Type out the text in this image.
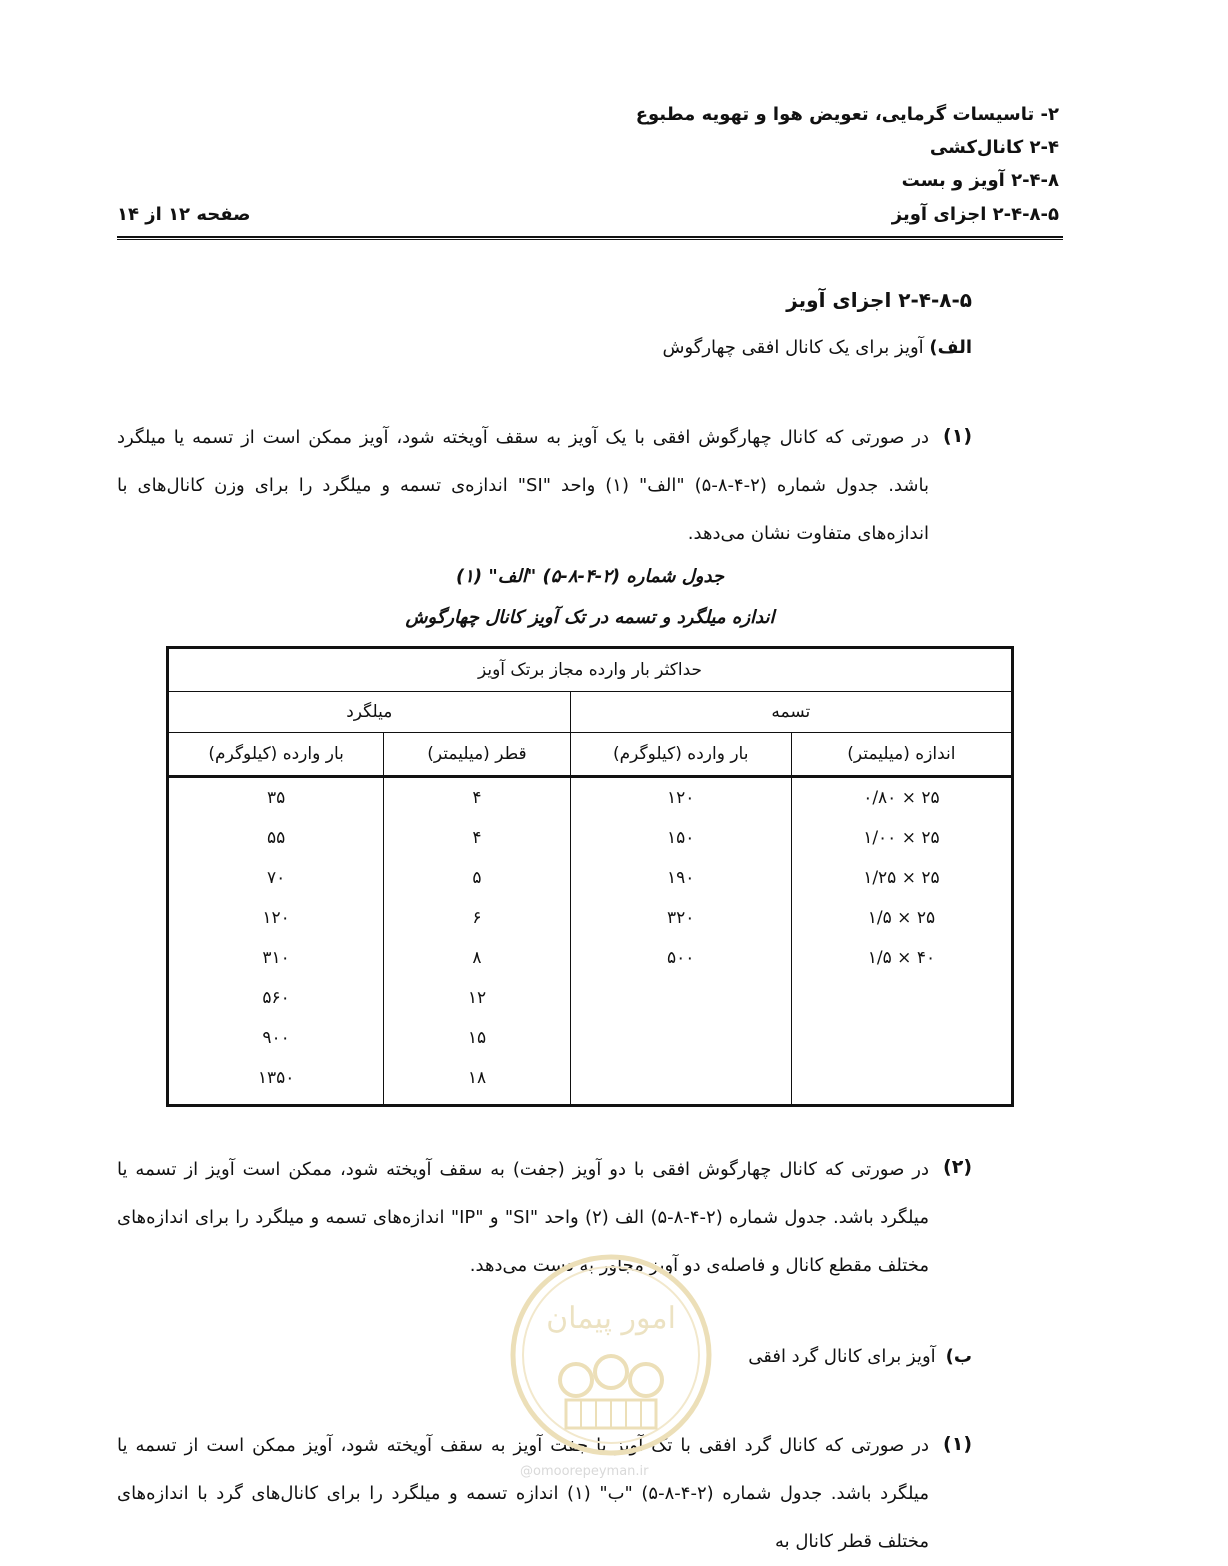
۲- تاسیسات گرمایی، تعویض هوا و تهویه مطبوع
۲-۴ کانال‌کشی
۲-۴-۸ آویز و بست
۲-۴-۸-۵ اجزای آویز
صفحه ۱۲ از ۱۴
۲-۴-۸-۵ اجزای آویز
الف) آویز برای یک کانال افقی چهارگوش
(۱)
در صورتی که کانال چهارگوش افقی با یک آویز به سقف آویخته شود، آویز ممکن است از تسمه یا میلگرد باشد. جدول شماره (۲-۴-۸-۵) "الف" (۱) واحد "SI" اندازه‌ی تسمه و میلگرد را برای وزن کانال‌های با اندازه‌های متفاوت نشان می‌دهد.
جدول شماره (۲-۴-۸-۵) "الف" (۱)
اندازه میلگرد و تسمه در تک آویز کانال چهارگوش
حداکثر بار وارده مجاز برتک آویز			
تسمه		میلگرد	
اندازه (میلیمتر)	بار وارده (کیلوگرم)	قطر (میلیمتر)	بار وارده (کیلوگرم)
۲۵ × ۰/۸۰	۱۲۰	۴	۳۵
۲۵ × ۱/۰۰	۱۵۰	۴	۵۵
۲۵ × ۱/۲۵	۱۹۰	۵	۷۰
۲۵ × ۱/۵	۳۲۰	۶	۱۲۰
۴۰ × ۱/۵	۵۰۰	۸	۳۱۰
		۱۲	۵۶۰
		۱۵	۹۰۰
		۱۸	۱۳۵۰
(۲)
در صورتی که کانال چهارگوش افقی با دو آویز (جفت) به سقف آویخته شود، ممکن است آویز از تسمه یا میلگرد باشد. جدول شماره (۲-۴-۸-۵) الف (۲) واحد "SI" و "IP" اندازه‌های تسمه و میلگرد را برای اندازه‌های مختلف مقطع کانال و فاصله‌ی دو آویز مجاور به دست می‌دهد.
ب)آویز برای کانال گرد افقی
(۱)
در صورتی که کانال گرد افقی با تک آویز یا جفت آویز به سقف آویخته شود، آویز ممکن است از تسمه یا میلگرد باشد. جدول شماره (۲-۴-۸-۵) "ب" (۱) اندازه تسمه و میلگرد را برای کانال‌های گرد با اندازه‌های مختلف قطر کانال به
امور پیمان
@omoorepeyman.ir
